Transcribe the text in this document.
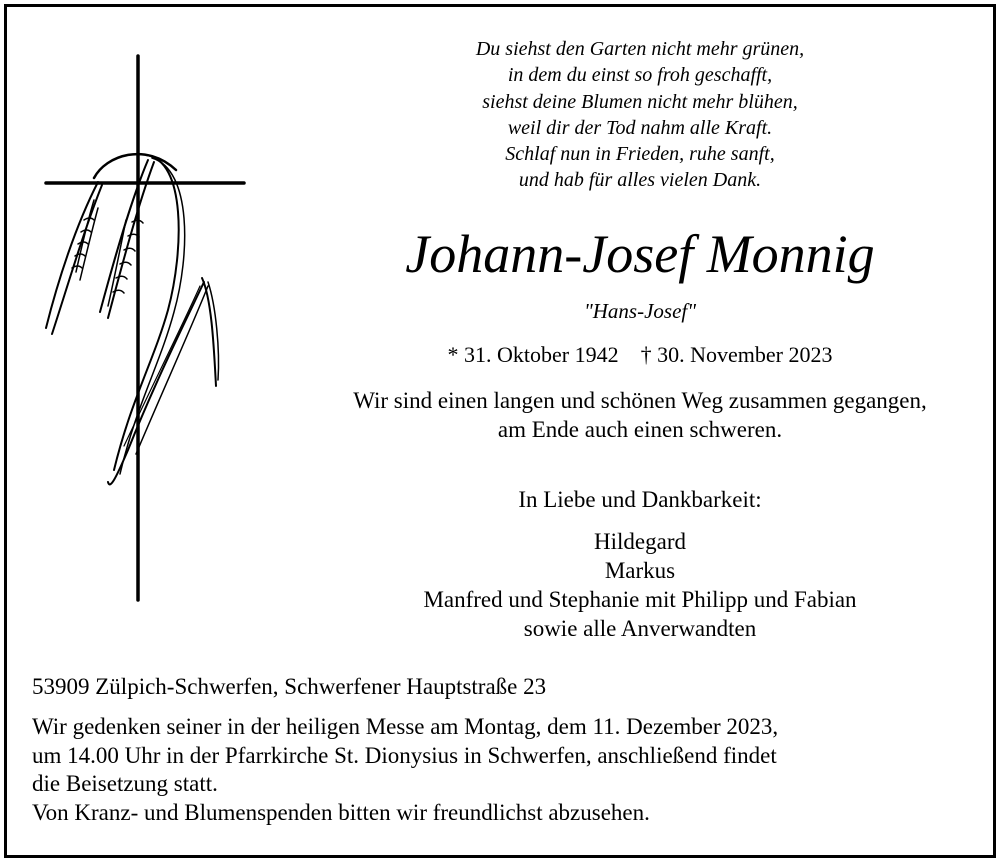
Du siehst den Garten nicht mehr grünen,
in dem du einst so froh geschafft,
siehst deine Blumen nicht mehr blühen,
weil dir der Tod nahm alle Kraft.
Schlaf nun in Frieden, ruhe sanft,
und hab für alles vielen Dank.
Johann-Josef Monnig
"Hans-Josef"
* 31. Oktober 1942 † 30. November 2023
Wir sind einen langen und schönen Weg zusammen gegangen,
am Ende auch einen schweren.
In Liebe und Dankbarkeit:
Hildegard
Markus
Manfred und Stephanie mit Philipp und Fabian
sowie alle Anverwandten
53909 Zülpich-Schwerfen, Schwerfener Hauptstraße 23
Wir gedenken seiner in der heiligen Messe am Montag, dem 11. Dezember 2023,
um 14.00 Uhr in der Pfarrkirche St. Dionysius in Schwerfen, anschließend findet
die Beisetzung statt.
Von Kranz- und Blumenspenden bitten wir freundlichst abzusehen.
